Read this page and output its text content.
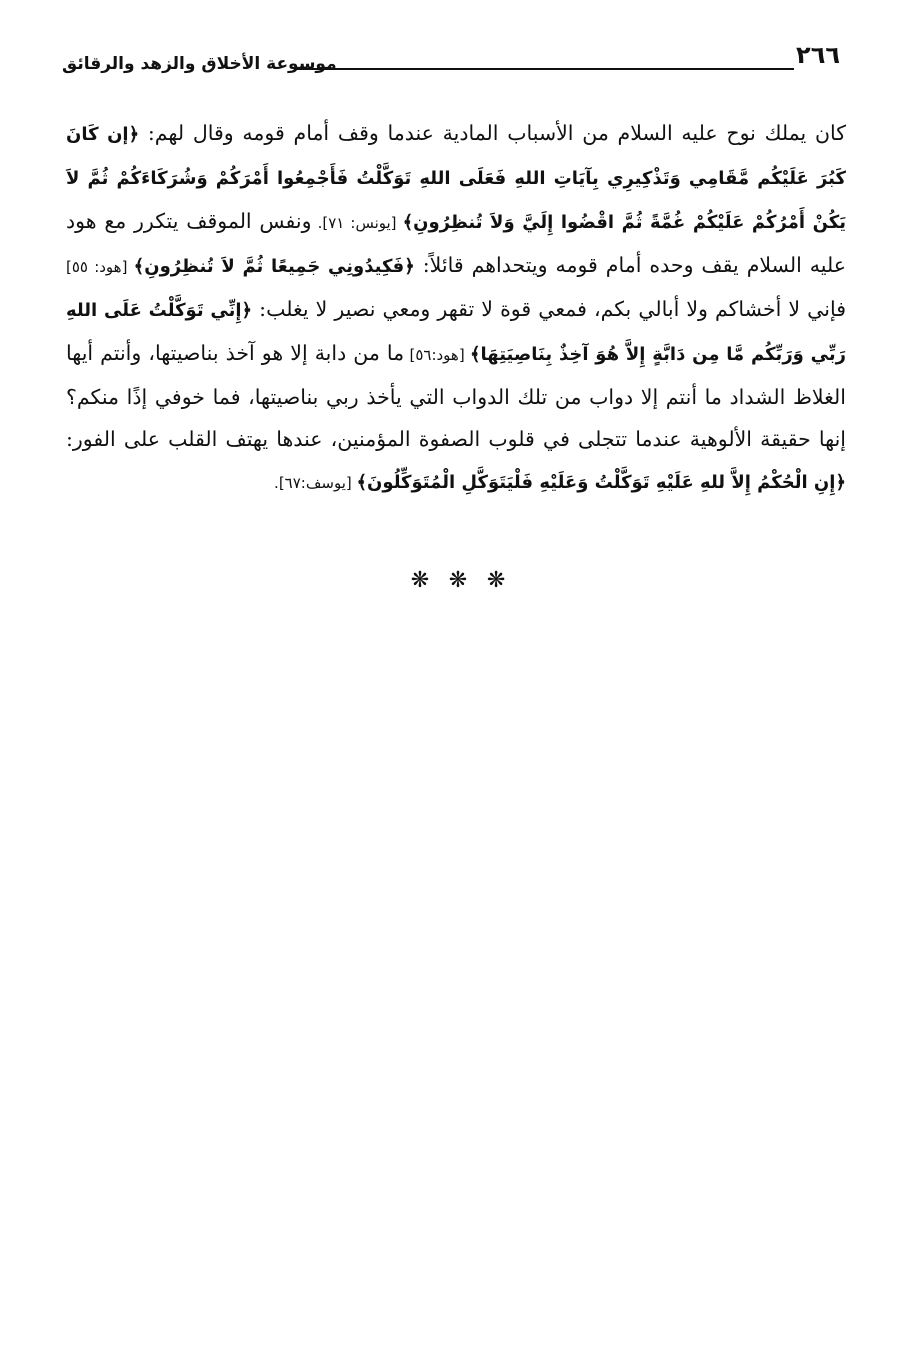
٢٦٦
موسوعة الأخلاق والزهد والرقائق
كان يملك نوح عليه السلام من الأسباب المادية عندما وقف أمام قومه وقال لهم: ﴿إن كَانَ كَبُرَ عَلَيْكُم مَّقَامِي وَتَذْكِيرِي بِآيَاتِ اللهِ فَعَلَى اللهِ تَوَكَّلْتُ فَأَجْمِعُوا أَمْرَكُمْ وَشُرَكَاءَكُمْ ثُمَّ لاَ يَكُنْ أَمْرُكُمْ عَلَيْكُمْ غُمَّةً ثُمَّ اقْضُوا إِلَيَّ وَلاَ تُنظِرُونِ﴾ [يونس: ٧١]. ونفس الموقف يتكرر مع هود عليه السلام يقف وحده أمام قومه ويتحداهم قائلاً: ﴿فَكِيدُونِي جَمِيعًا ثُمَّ لاَ تُنظِرُونِ﴾ [هود: ٥٥] فإني لا أخشاكم ولا أبالي بكم، فمعي قوة لا تقهر ومعي نصير لا يغلب: ﴿إِنِّي تَوَكَّلْتُ عَلَى اللهِ رَبِّي وَرَبِّكُم مَّا مِن دَابَّةٍ إِلاَّ هُوَ آخِذٌ بِنَاصِيَتِهَا﴾ [هود:٥٦] ما من دابة إلا هو آخذ بناصيتها، وأنتم أيها الغلاظ الشداد ما أنتم إلا دواب من تلك الدواب التي يأخذ ربي بناصيتها، فما خوفي إذًا منكم؟ إنها حقيقة الألوهية عندما تتجلى في قلوب الصفوة المؤمنين، عندها يهتف القلب على الفور: ﴿إِنِ الْحُكْمُ إِلاَّ للهِ عَلَيْهِ تَوَكَّلْتُ وَعَلَيْهِ فَلْيَتَوَكَّلِ الْمُتَوَكِّلُونَ﴾ [يوسف:٦٧].
❋ ❋ ❋
